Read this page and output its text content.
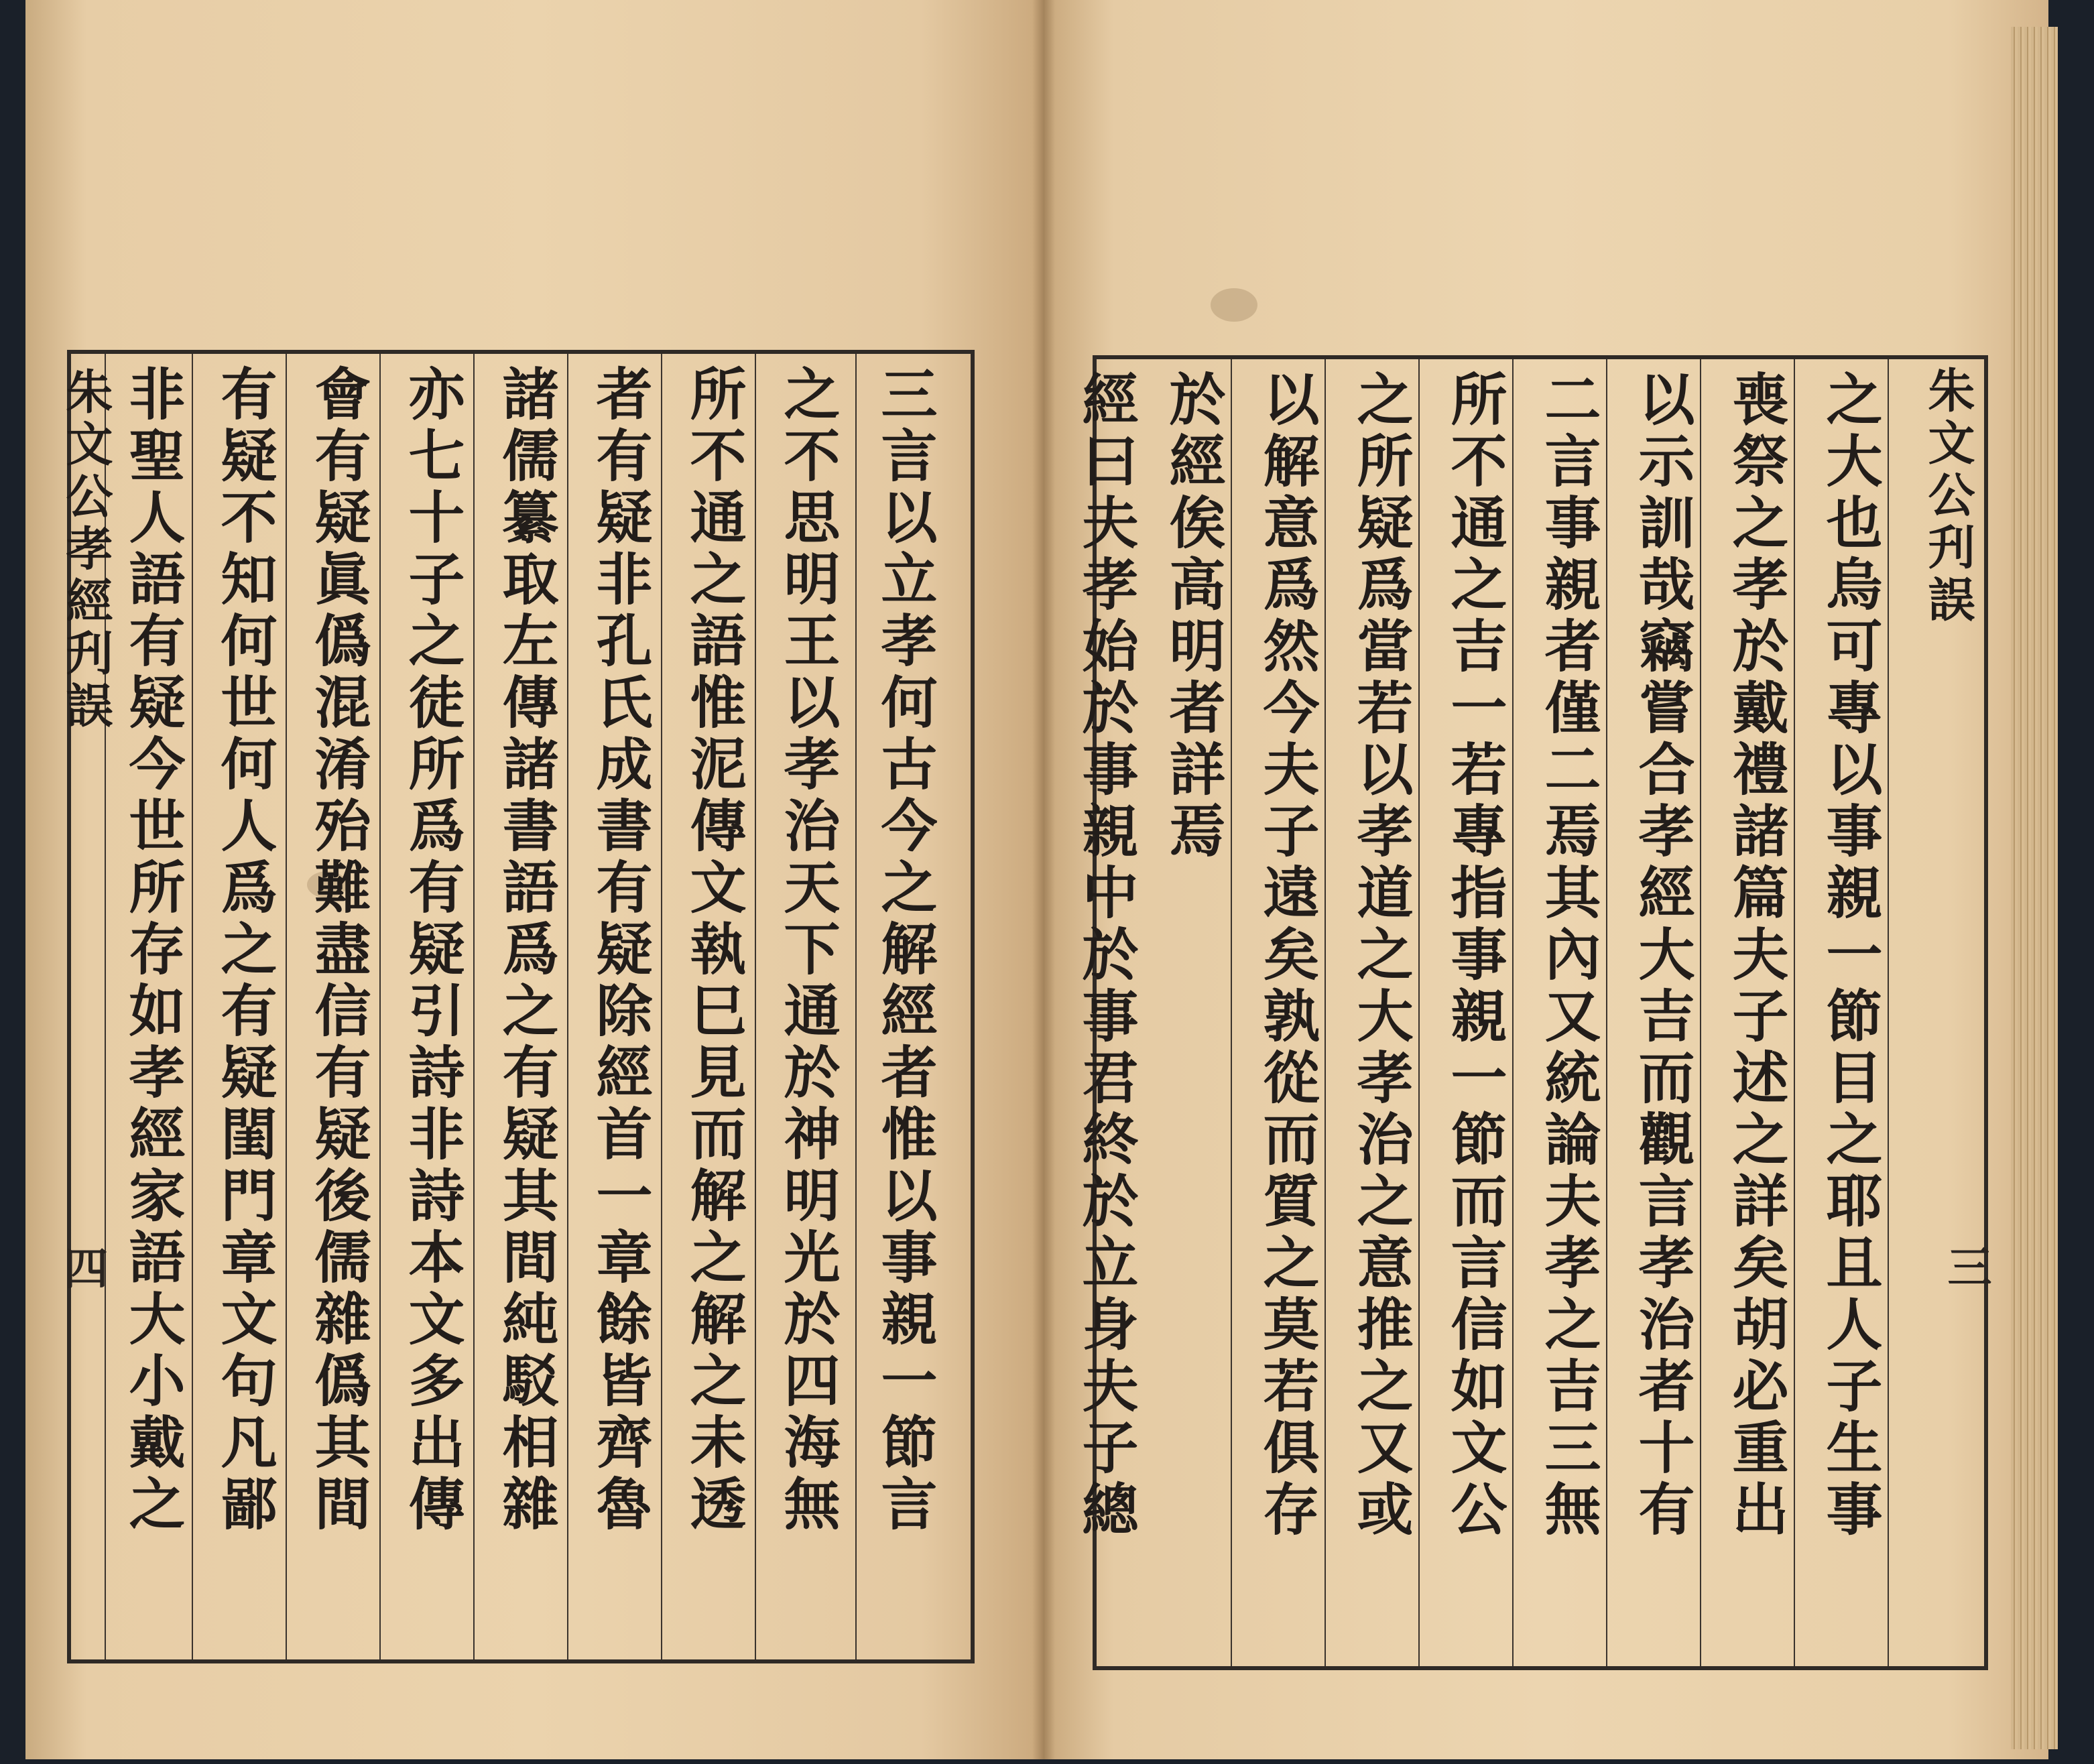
朱文公孝經刋誤
四	三言以立孝何古今之解經者惟以事親一節言
之不思明王以孝治天下通於神明光於四海無
所不通之語惟泥傳文執巳見而解之解之未透
者有疑非孔氏成書有疑除經首一章餘皆齊魯
諸儒纂取左傳諸書語爲之有疑其間純駁相雜
亦七十子之徒所爲有疑引詩非詩本文多出傳
會有疑眞僞混淆殆難盡信有疑後儒雜僞其間
有疑不知何世何人爲之有疑閨門章文句凡鄙
非聖人語有疑今世所存如孝經家語大小戴之	朱文公刋誤
三
之大也烏可專以事親一節目之耶且人子生事
喪祭之孝於戴禮諸篇夫子述之詳矣胡必重出
以示訓哉竊嘗合孝經大吉而觀言孝治者十有
二言事親者僅二焉其內又統論夫孝之吉三無
所不通之吉一若專指事親一節而言信如文公
之所疑爲當若以孝道之大孝治之意推之又或
以解意爲然今夫子遠矣孰從而質之莫若俱存
於經俟高明者詳焉
經曰夫孝始於事親中於事君終於立身夫子總
